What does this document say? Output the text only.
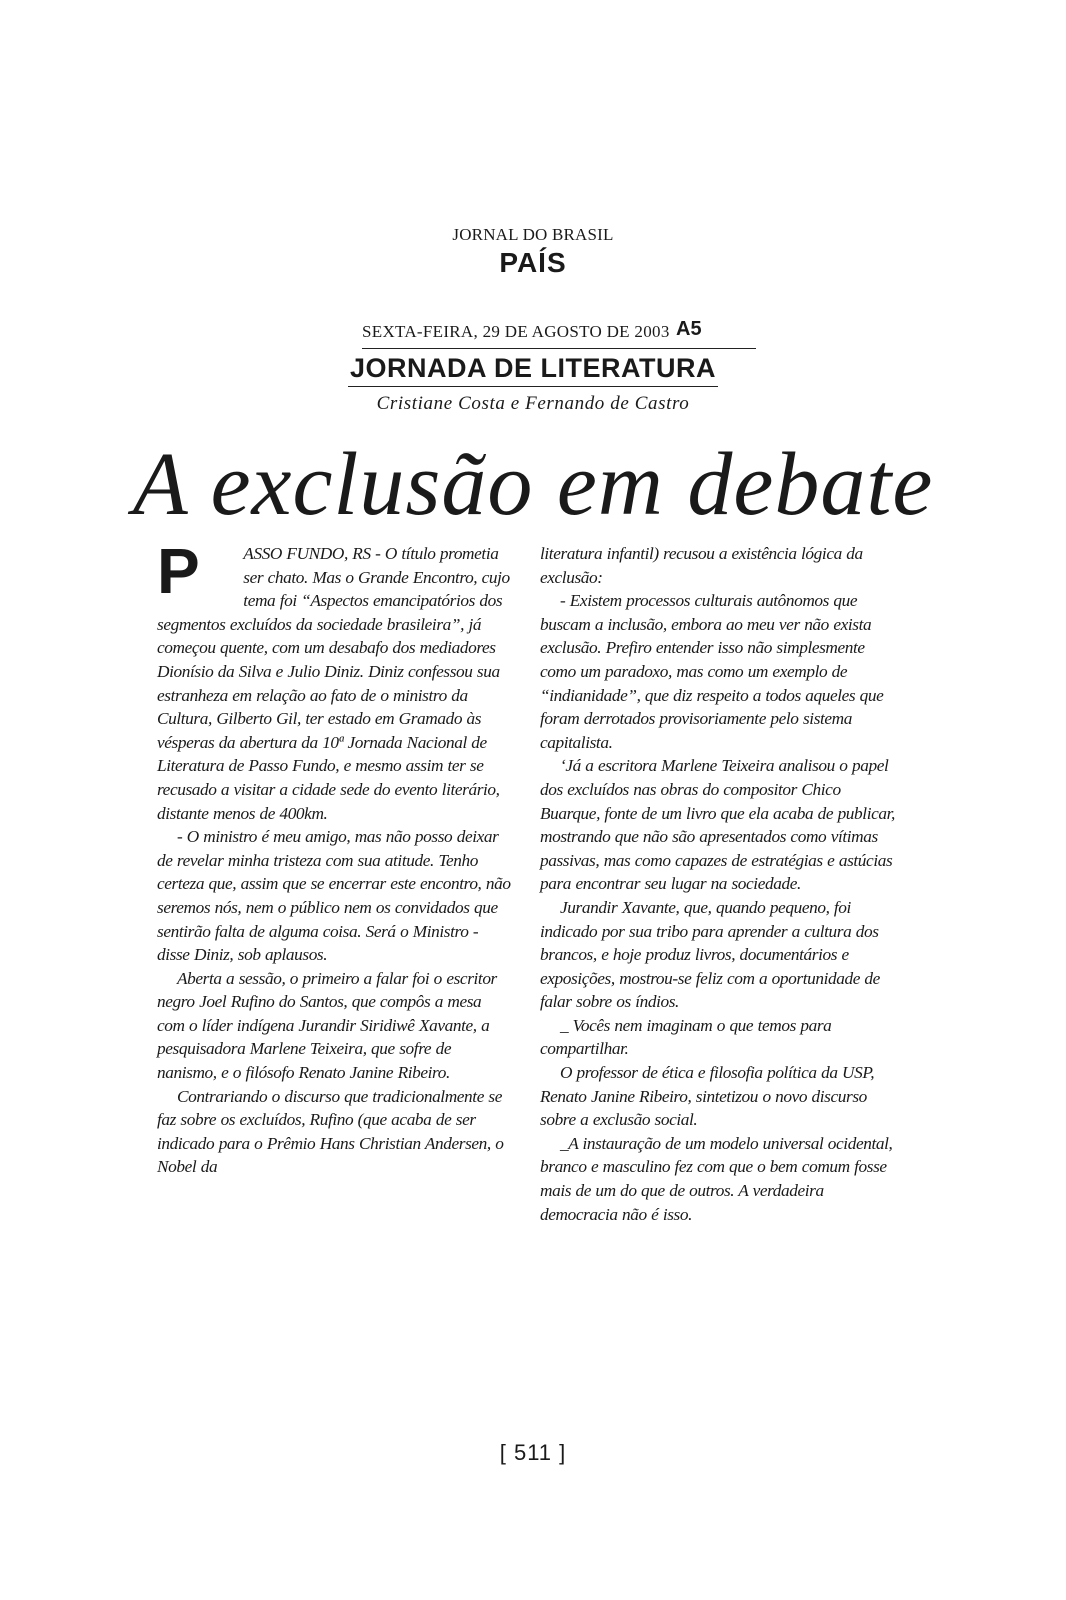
JORNAL DO BRASIL
PAÍS
SEXTA-FEIRA, 29 DE AGOSTO DE 2003 A5
JORNADA DE LITERATURA
Cristiane Costa e Fernando de Castro
A exclusão em debate
P	ASSO FUNDO, RS - O título prometia

ser chato. Mas o Grande Encontro, cujo

tema foi “Aspectos emancipatórios dos

segmentos excluídos da sociedade brasileira”, já começou quente, com um desabafo dos mediadores Dionísio da Silva e Julio Diniz. Diniz confessou sua estranheza em relação ao fato de o ministro da Cultura, Gilberto Gil, ter estado em Gramado às vésperas da abertura da 10ª Jornada Nacional de Literatura de Passo Fundo, e mesmo assim ter se recusado a visitar a cidade sede do evento literário, distante menos de 400km.

- O ministro é meu amigo, mas não posso deixar de revelar minha tristeza com sua atitude. Tenho certeza que, assim que se encerrar este encontro, não seremos nós, nem o público nem os convidados que sentirão falta de alguma coisa. Será o Ministro - disse Diniz, sob aplausos.

Aberta a sessão, o primeiro a falar foi o escritor negro Joel Rufino do Santos, que compôs a mesa com o líder indígena Jurandir Siridiwê Xavante, a pesquisadora Marlene Teixeira, que sofre de nanismo, e o filósofo Renato Janine Ribeiro.

Contrariando o discurso que tradicionalmente se faz sobre os excluídos, Rufino (que acaba de ser indicado para o Prêmio Hans Christian Andersen, o Nobel da

literatura infantil) recusou a existência lógica da exclusão:

- Existem processos culturais autônomos que buscam a inclusão, embora ao meu ver não exista exclusão. Prefiro entender isso não simplesmente como um paradoxo, mas como um exemplo de “indianidade”, que diz respeito a todos aqueles que foram derrotados provisoriamente pelo sistema capitalista.

‘Já a escritora Marlene Teixeira analisou o papel dos excluídos nas obras do compositor Chico Buarque, fonte de um livro que ela acaba de publicar, mostrando que não são apresentados como vítimas passivas, mas como capazes de estratégias e astúcias para encontrar seu lugar na sociedade.

Jurandir Xavante, que, quando pequeno, foi indicado por sua tribo para aprender a cultura dos brancos, e hoje produz livros, documentários e exposições, mostrou-se feliz com a oportunidade de falar sobre os índios.

_ Vocês nem imaginam o que temos para compartilhar.

O professor de ética e filosofia política da USP, Renato Janine Ribeiro, sintetizou o novo discurso sobre a exclusão social.

_A instauração de um modelo universal ocidental, branco e masculino fez com que o bem comum fosse mais de um do que de outros. A verdadeira democracia não é isso.

[ 511 ]
